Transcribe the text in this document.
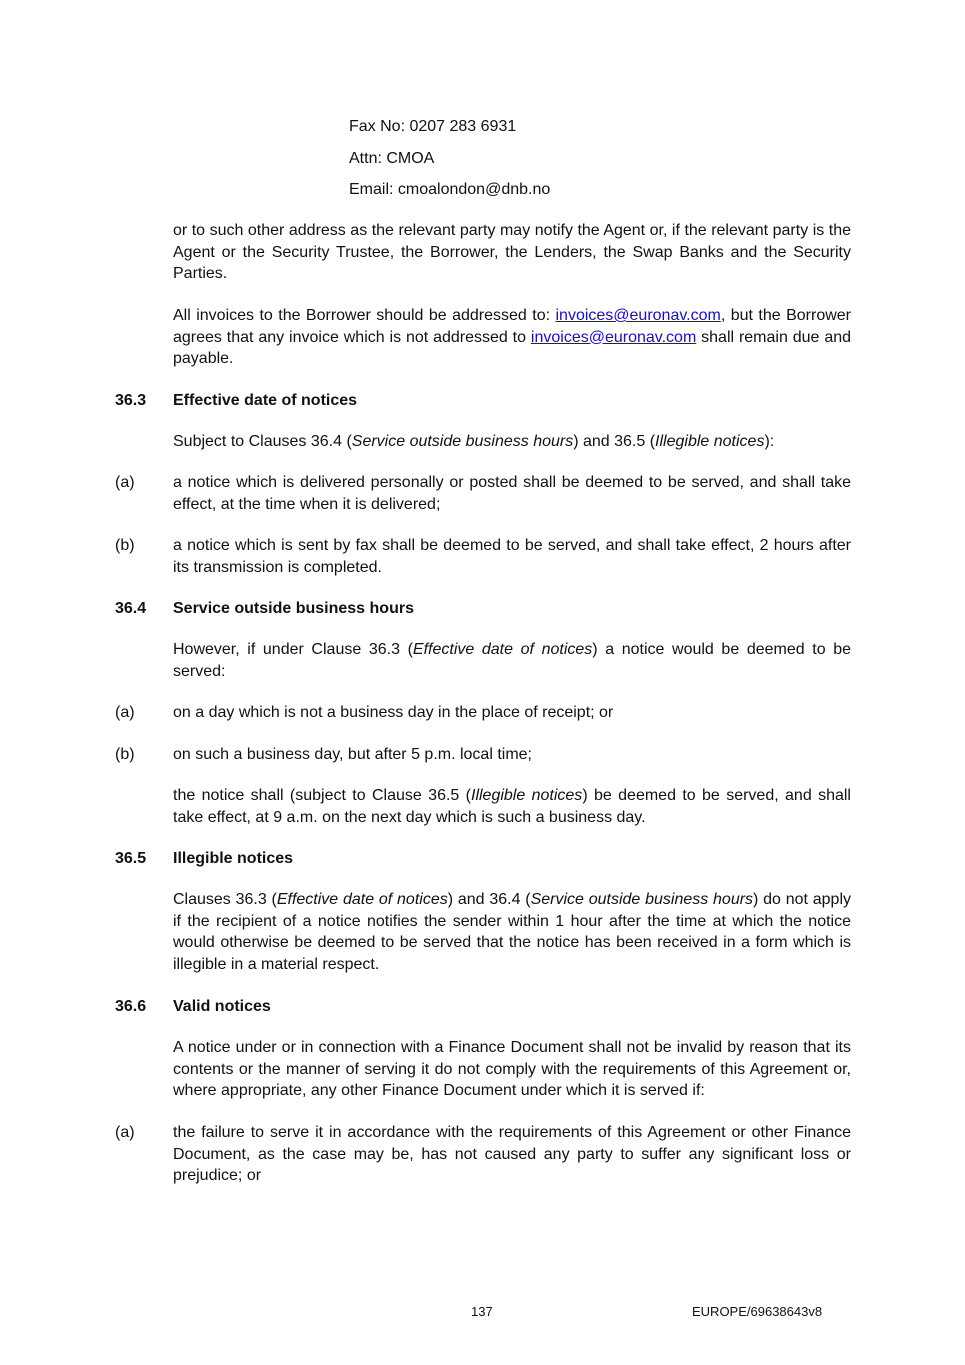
Fax No: 0207 283 6931
Attn: CMOA
Email: cmoalondon@dnb.no
or to such other address as the relevant party may notify the Agent or, if the relevant party is the Agent or the Security Trustee, the Borrower, the Lenders, the Swap Banks and the Security Parties.
All invoices to the Borrower should be addressed to: invoices@euronav.com, but the Borrower agrees that any invoice which is not addressed to invoices@euronav.com shall remain due and payable.
36.3 Effective date of notices
Subject to Clauses 36.4 (Service outside business hours) and 36.5 (Illegible notices):
(a) a notice which is delivered personally or posted shall be deemed to be served, and shall take effect, at the time when it is delivered;
(b) a notice which is sent by fax shall be deemed to be served, and shall take effect, 2 hours after its transmission is completed.
36.4 Service outside business hours
However, if under Clause 36.3 (Effective date of notices) a notice would be deemed to be served:
(a) on a day which is not a business day in the place of receipt; or
(b) on such a business day, but after 5 p.m. local time;
the notice shall (subject to Clause 36.5 (Illegible notices) be deemed to be served, and shall take effect, at 9 a.m. on the next day which is such a business day.
36.5 Illegible notices
Clauses 36.3 (Effective date of notices) and 36.4 (Service outside business hours) do not apply if the recipient of a notice notifies the sender within 1 hour after the time at which the notice would otherwise be deemed to be served that the notice has been received in a form which is illegible in a material respect.
36.6 Valid notices
A notice under or in connection with a Finance Document shall not be invalid by reason that its contents or the manner of serving it do not comply with the requirements of this Agreement or, where appropriate, any other Finance Document under which it is served if:
(a) the failure to serve it in accordance with the requirements of this Agreement or other Finance Document, as the case may be, has not caused any party to suffer any significant loss or prejudice; or
137	EUROPE/69638643v8
